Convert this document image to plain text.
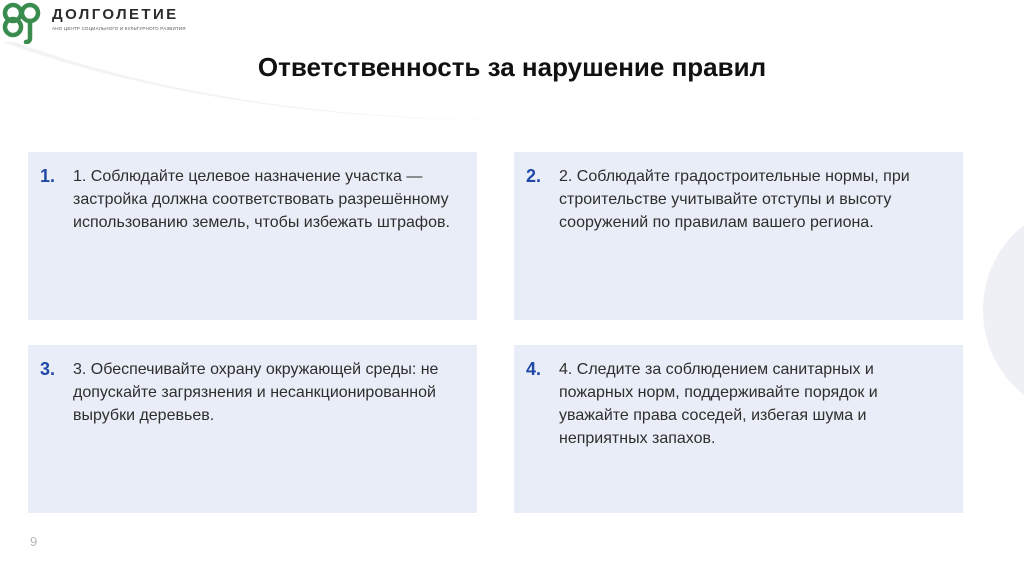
ДОЛГОЛЕТИЕ
АНО ЦЕНТР СОЦИАЛЬНОГО И КУЛЬТУРНОГО РАЗВИТИЯ
Ответственность за нарушение правил
1. 1. Соблюдайте целевое назначение участка — застройка должна соответствовать разрешённому использованию земель, чтобы избежать штрафов.
2. 2. Соблюдайте градостроительные нормы, при строительстве учитывайте отступы и высоту сооружений по правилам вашего региона.
3. 3. Обеспечивайте охрану окружающей среды: не допускайте загрязнения и несанкционированной вырубки деревьев.
4. 4. Следите за соблюдением санитарных и пожарных норм, поддерживайте порядок и уважайте права соседей, избегая шума и неприятных запахов.
9
